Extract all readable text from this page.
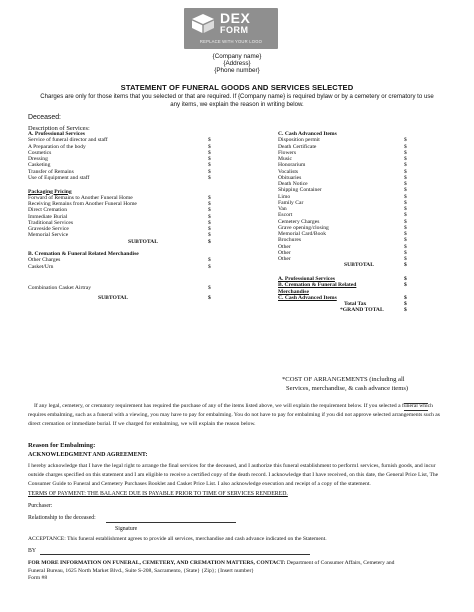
DEX
FORM
REPLACE WITH YOUR LOGO
{Company name}
{Address}
{Phone number}
STATEMENT OF FUNERAL GOODS AND SERVICES SELECTED
Charges are only for those items that you selected or that are required. If {Company name} is required bylaw or by a cemetery or crematory to use any items, we explain the reason in writing below.
Deceased:
Description of Services:
A. Professional Services
Service of funeral director and staff	$
A Preparation of the body	$
Cosmetics	$
Dressing	$
Casketing	$
Transfer of Remains	$
Use of Equipment and staff	$
Packaging Pricing
Forward of Remains to Another Funeral Home	$
Receiving Remains from Another Funeral Home	$
Direct Cremation	$
Immediate Burial	$
Traditional Services	$
Graveside Service	$
Memorial Service	$
SUBTOTAL	$
B. Cremation & Funeral Related Merchandise
Other Charges	$
Casket/Urn	$
Combination Casket Airtray	$
SUBTOTAL	$
C. Cash Advanced Items
Disposition permit	$
Death Certificate	$
Flowers	$
Music	$
Honorarium	$
Vocalists	$
Obituaries	$
Death Notice	$
Shipping Container	$
Limo	$
Family Car	$
Van	$
Escort	$
Cemetery Charges	$
Grave opening/closing	$
Memorial Card/Book	$
Brochures	$
Other	$
Other	$
Other	$
SUBTOTAL	$
A. Professional Services	$
B. Cremation & Funeral Related	$
Merchandise
C. Cash Advanced Items	$
Total Tax	$
*GRAND TOTAL	$
*COST OF ARRANGEMENTS (including all
Services, merchandise, & cash advance items)
If any legal, cemetery, or crematory requirement has required the purchase of any of the items listed above, we will explain the requirement below. If you selected a funeral which requires embalming, such as a funeral with a viewing, you may have to pay for embalming. You do not have to pay for embalming if you did not approve selected arrangements such as direct cremation or immediate burial. If we charged for embalming, we will explain the reason below.
Reason for Embalming:
ACKNOWLEDGMENT AND AGREEMENT:
I hereby acknowledge that I have the legal right to arrange the final services for the deceased, and I authorize this funeral establishment to perform1 services, furnish goods, and incur outside charges specified on this statement and I am eligible to receive a certified copy of the death record. I acknowledge that I have received, on this date, the General Price List, The Consumer Guide to Funeral and Cemetery Purchases Booklet and Casket Price List. I also acknowledge execution and receipt of a copy of the statement.
TERMS OF PAYMENT: THE BALANCE DUE IS PAYABLE PRIOR TO TIME OF SERVICES RENDERED.
Purchaser:
Relationship to the deceased:
Signature
ACCEPTANCE: This funeral establishment agrees to provide all services, merchandise and cash advance indicated on the Statement.
BY
FOR MORE INFORMATION ON FUNERAL, CEMETERY, AND CREMATION MATTERS, CONTACT: Department of Consumer Affairs, Cemetery and
Funeral Bureau, 1625 North Market Blvd., Suite S-208, Sacramento, {State} {Zip}; {Insert number}
Form #8
